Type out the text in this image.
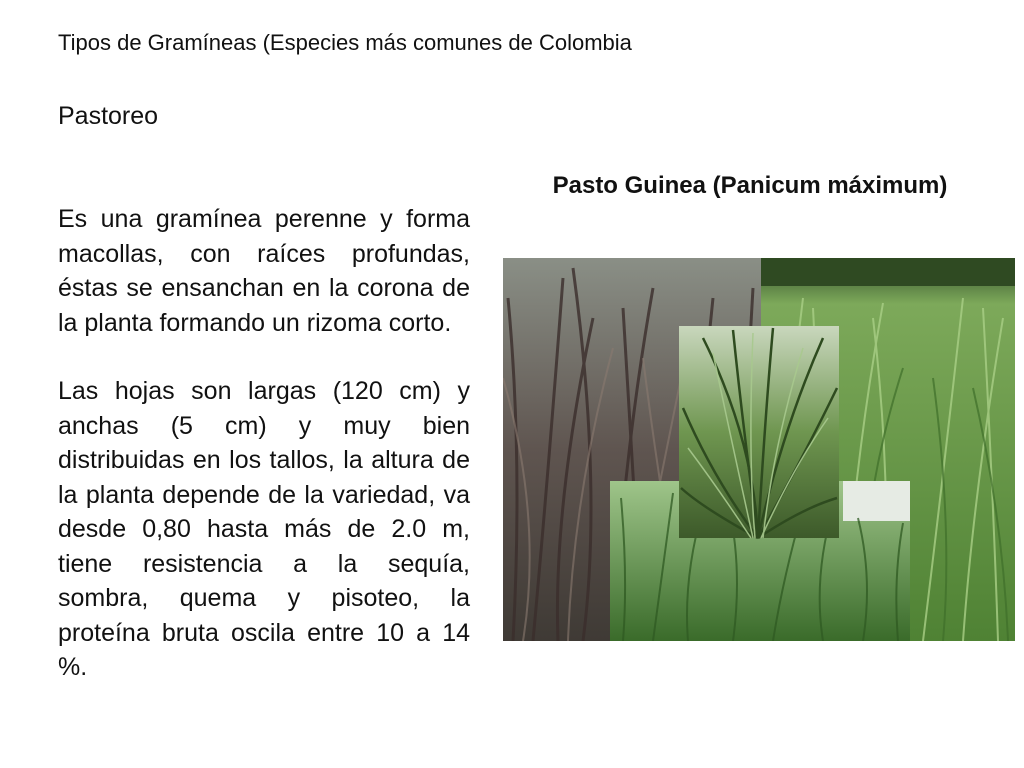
Tipos de Gramíneas (Especies más comunes de Colombia
Pastoreo

Es una gramínea perenne y forma macollas, con raíces profundas, éstas se ensanchan en la corona de la planta formando un rizoma corto.

Las hojas son largas (120 cm) y anchas (5 cm) y muy bien distribuidas en los tallos, la altura de la planta depende de la variedad, va desde 0,80 hasta más de 2.0 m, tiene resistencia a la sequía, sombra, quema y pisoteo, la proteína bruta oscila entre 10 a 14 %.

Pasto Guinea (Panicum máximum)
